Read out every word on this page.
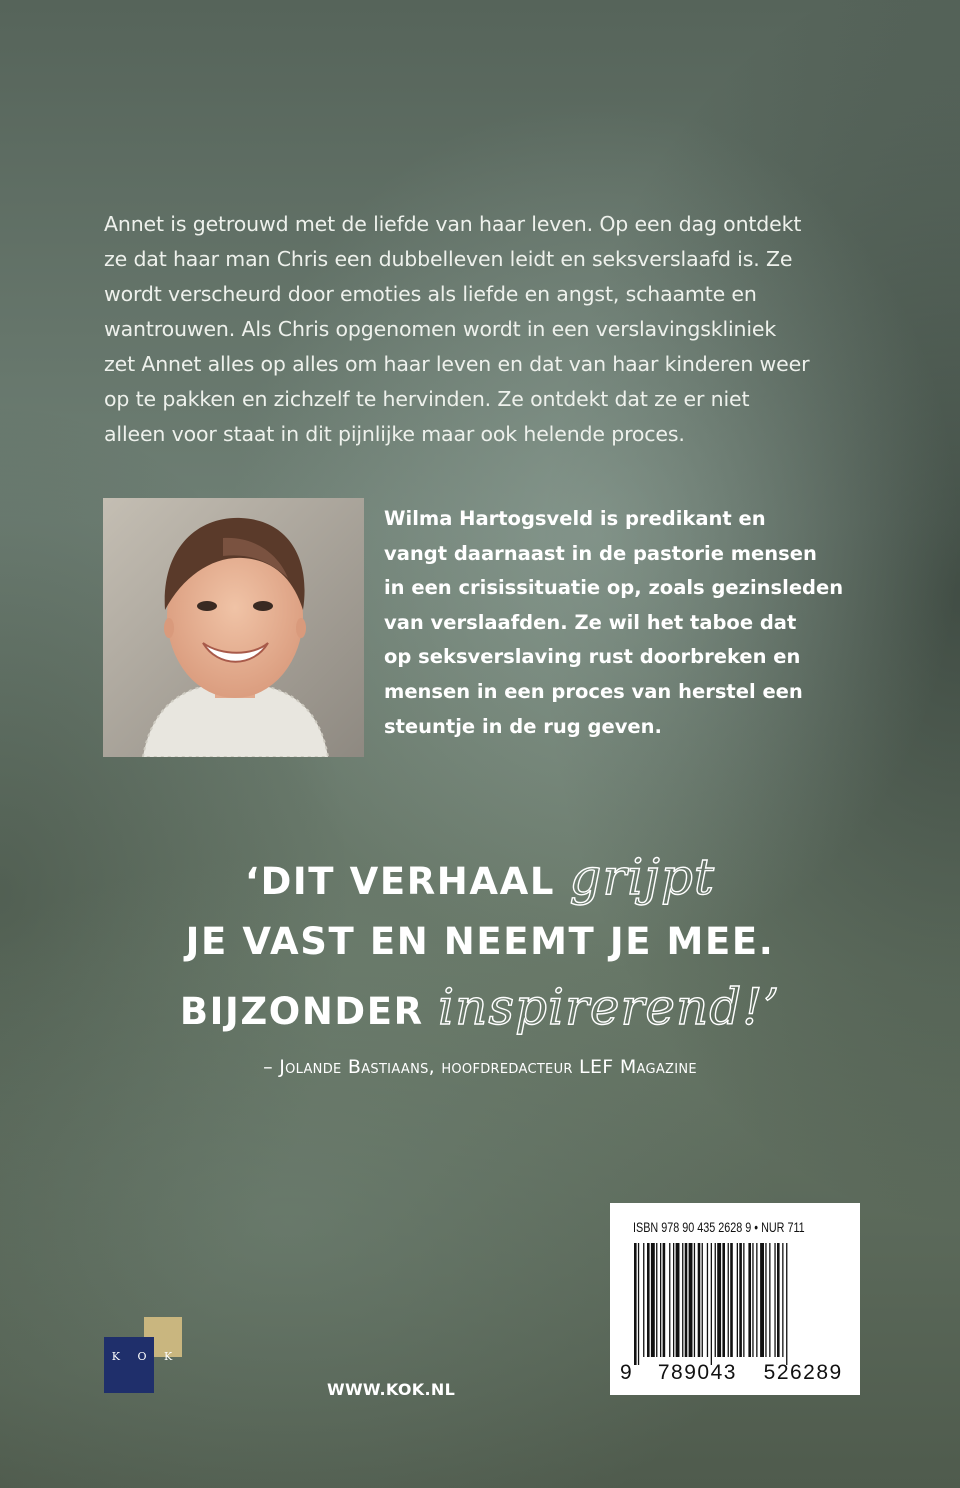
Annet is getrouwd met de liefde van haar leven. Op een dag ontdekt
ze dat haar man Chris een dubbelleven leidt en seksverslaafd is. Ze
wordt verscheurd door emoties als liefde en angst, schaamte en
wantrouwen. Als Chris opgenomen wordt in een verslavingskliniek
zet Annet alles op alles om haar leven en dat van haar kinderen weer
op te pakken en zichzelf te hervinden. Ze ontdekt dat ze er niet
alleen voor staat in dit pijnlijke maar ook helende proces.
Wilma Hartogsveld is predikant en
vangt daarnaast in de pastorie mensen
in een crisissituatie op, zoals gezinsleden
van verslaafden. Ze wil het taboe dat
op seksverslaving rust doorbreken en
mensen in een proces van herstel een
steuntje in de rug geven.
‘DIT VERHAAL grijpt
JE VAST EN NEEMT JE MEE.
BIJZONDER inspirerend!’
– Jolande Bastiaans, hoofdredacteur LEF Magazine
ISBN 978 90 435 2628 9 • NUR 711
9 789043 526289
K O K
WWW.KOK.NL
